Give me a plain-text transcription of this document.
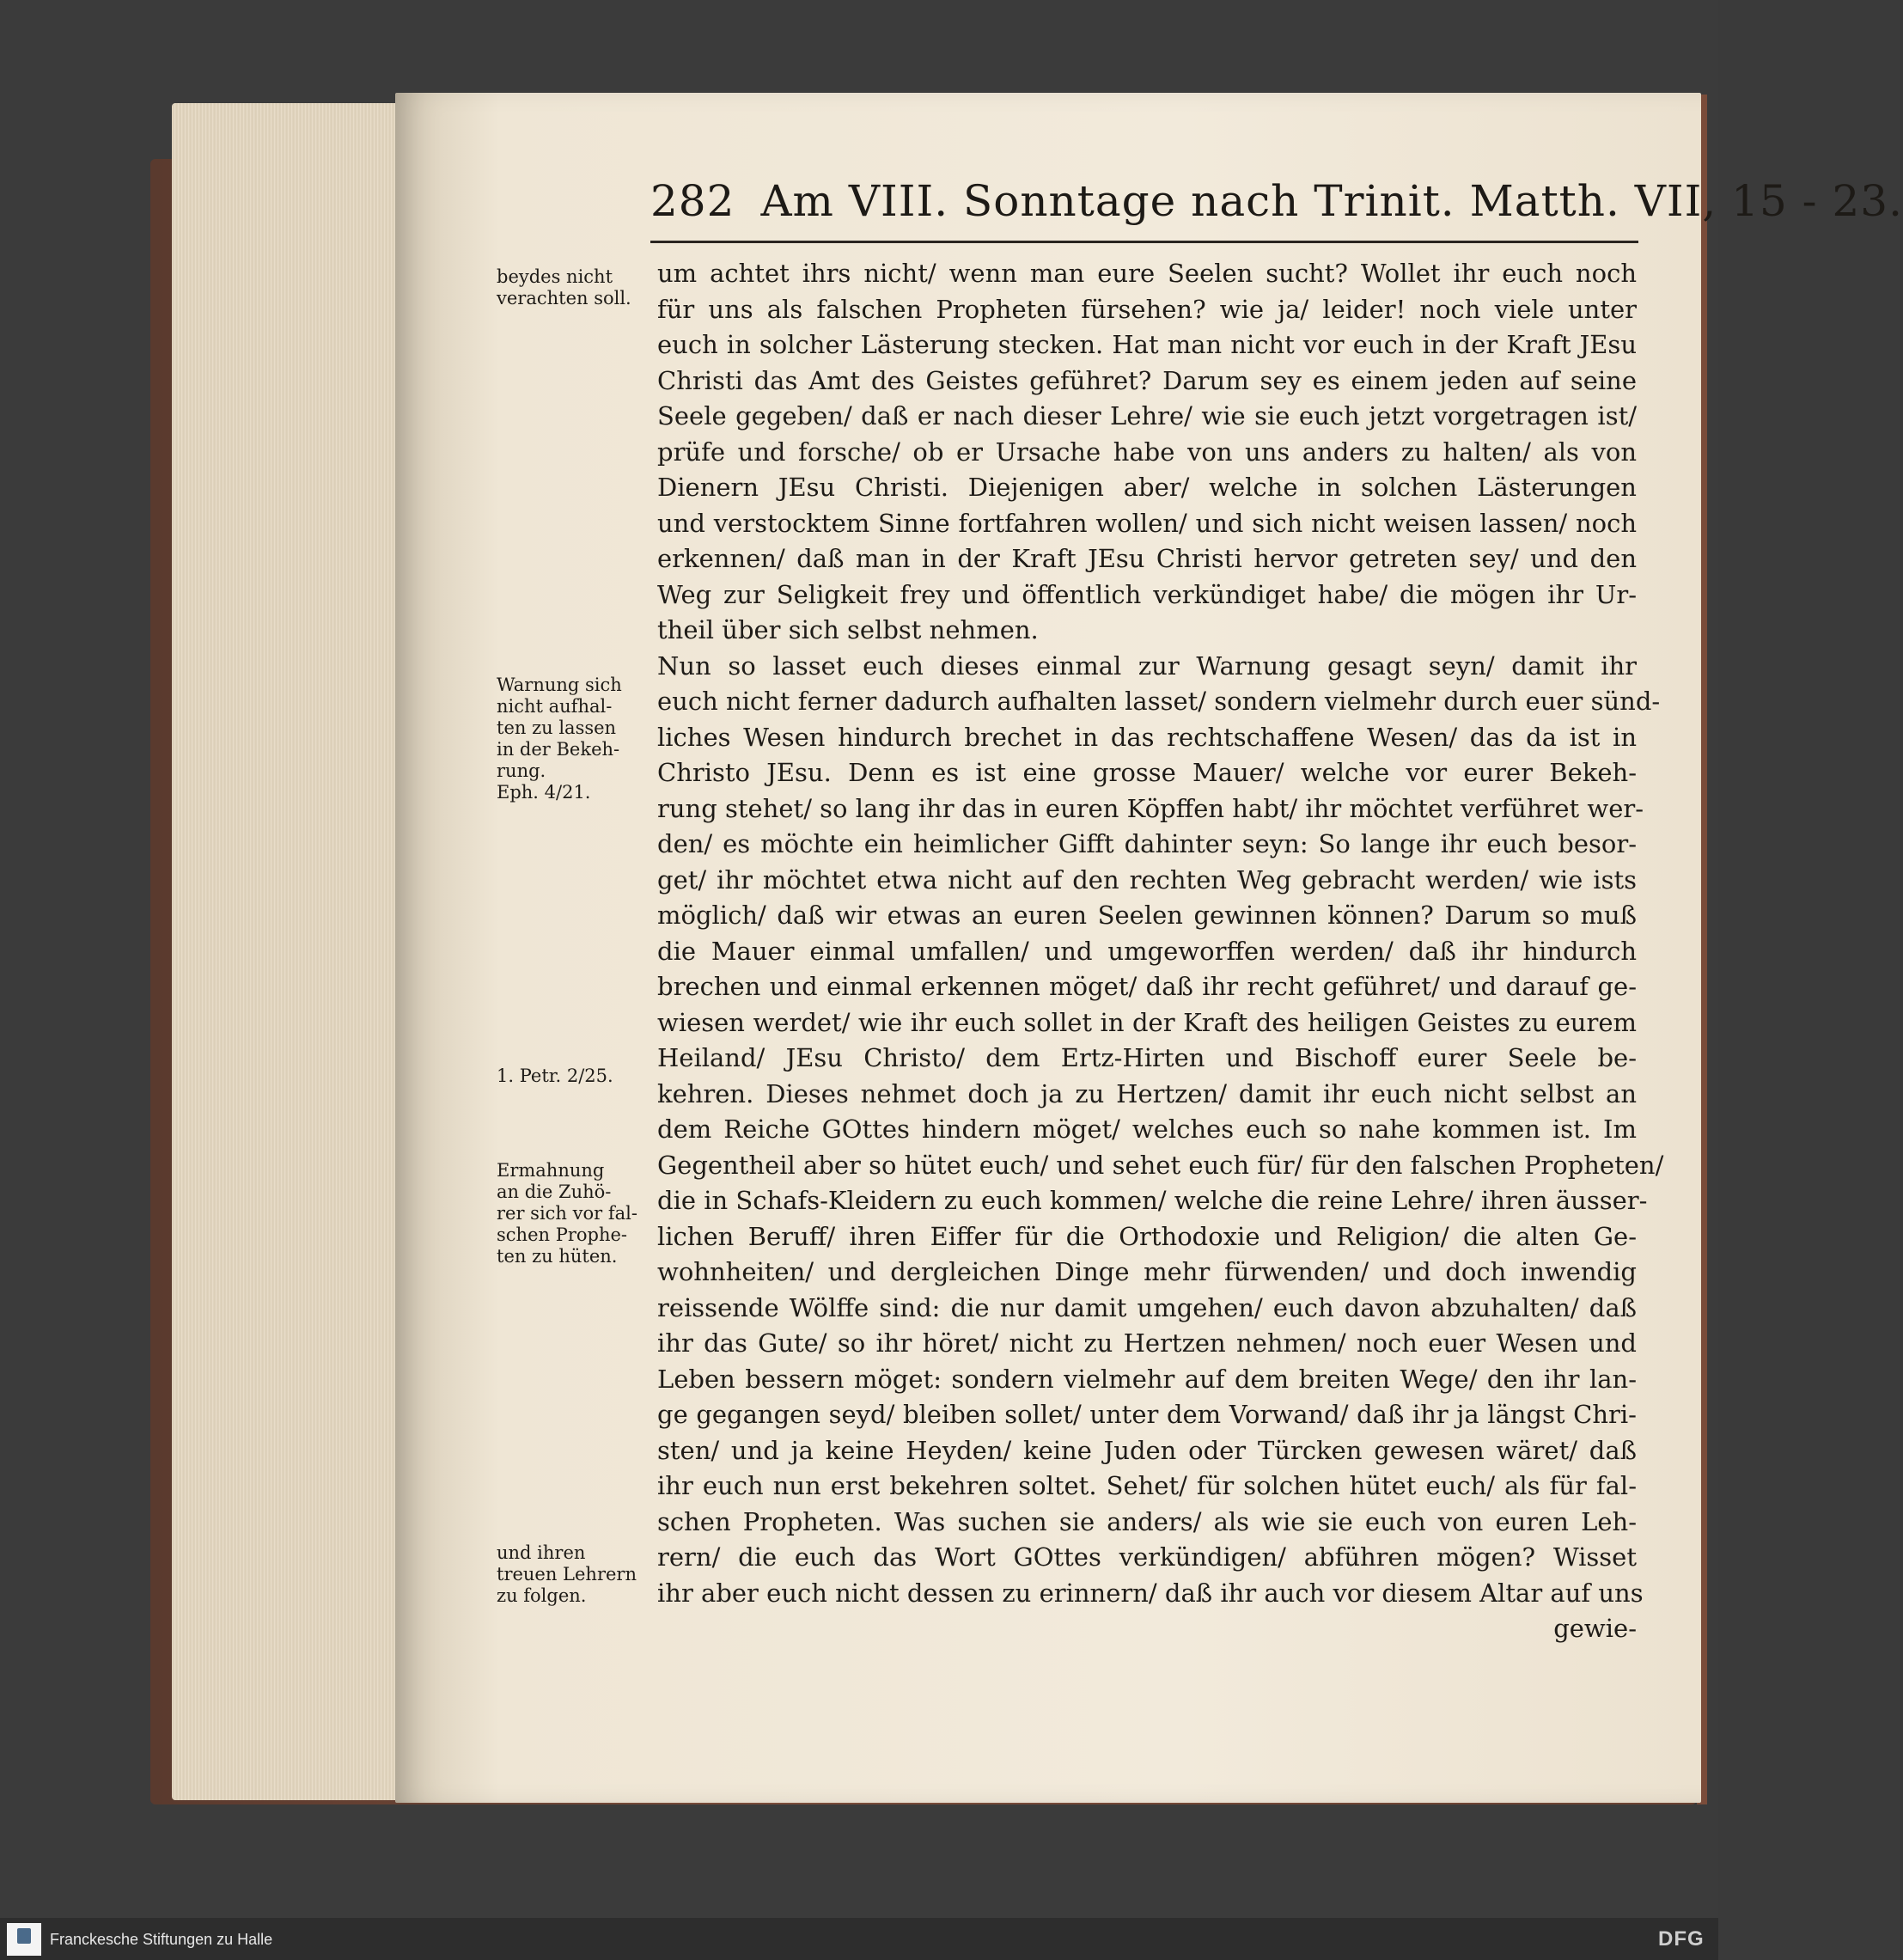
282 Am VIII. Sonntage nach Trinit. Matth. VII, 15 - 23.
um achtet ihrs nicht/ wenn man eure Seelen sucht? Wollet ihr euch noch
für uns als falschen Propheten fürsehen? wie ja/ leider! noch viele unter
euch in solcher Lästerung stecken. Hat man nicht vor euch in der Kraft JEsu
Christi das Amt des Geistes geführet? Darum sey es einem jeden auf seine
Seele gegeben/ daß er nach dieser Lehre/ wie sie euch jetzt vorgetragen ist/
prüfe und forsche/ ob er Ursache habe von uns anders zu halten/ als von
Dienern JEsu Christi. Diejenigen aber/ welche in solchen Lästerungen
und verstocktem Sinne fortfahren wollen/ und sich nicht weisen lassen/ noch
erkennen/ daß man in der Kraft JEsu Christi hervor getreten sey/ und den
Weg zur Seligkeit frey und öffentlich verkündiget habe/ die mögen ihr Ur-
theil über sich selbst nehmen.
Nun so lasset euch dieses einmal zur Warnung gesagt seyn/ damit ihr
euch nicht ferner dadurch aufhalten lasset/ sondern vielmehr durch euer sünd-
liches Wesen hindurch brechet in das rechtschaffene Wesen/ das da ist in
Christo JEsu. Denn es ist eine grosse Mauer/ welche vor eurer Bekeh-
rung stehet/ so lang ihr das in euren Köpffen habt/ ihr möchtet verführet wer-
den/ es möchte ein heimlicher Gifft dahinter seyn: So lange ihr euch besor-
get/ ihr möchtet etwa nicht auf den rechten Weg gebracht werden/ wie ists
möglich/ daß wir etwas an euren Seelen gewinnen können? Darum so muß
die Mauer einmal umfallen/ und umgeworffen werden/ daß ihr hindurch
brechen und einmal erkennen möget/ daß ihr recht geführet/ und darauf ge-
wiesen werdet/ wie ihr euch sollet in der Kraft des heiligen Geistes zu eurem
Heiland/ JEsu Christo/ dem Ertz-Hirten und Bischoff eurer Seele be-
kehren. Dieses nehmet doch ja zu Hertzen/ damit ihr euch nicht selbst an
dem Reiche GOttes hindern möget/ welches euch so nahe kommen ist. Im
Gegentheil aber so hütet euch/ und sehet euch für/ für den falschen Propheten/
die in Schafs-Kleidern zu euch kommen/ welche die reine Lehre/ ihren äusser-
lichen Beruff/ ihren Eiffer für die Orthodoxie und Religion/ die alten Ge-
wohnheiten/ und dergleichen Dinge mehr fürwenden/ und doch inwendig
reissende Wölffe sind: die nur damit umgehen/ euch davon abzuhalten/ daß
ihr das Gute/ so ihr höret/ nicht zu Hertzen nehmen/ noch euer Wesen und
Leben bessern möget: sondern vielmehr auf dem breiten Wege/ den ihr lan-
ge gegangen seyd/ bleiben sollet/ unter dem Vorwand/ daß ihr ja längst Chri-
sten/ und ja keine Heyden/ keine Juden oder Türcken gewesen wäret/ daß
ihr euch nun erst bekehren soltet. Sehet/ für solchen hütet euch/ als für fal-
schen Propheten. Was suchen sie anders/ als wie sie euch von euren Leh-
rern/ die euch das Wort GOttes verkündigen/ abführen mögen? Wisset
ihr aber euch nicht dessen zu erinnern/ daß ihr auch vor diesem Altar auf uns
gewie-
beydes nicht
verachten soll.
Warnung sich
nicht aufhal-
ten zu lassen
in der Bekeh-
rung.
Eph. 4/21.
1. Petr. 2/25.
Ermahnung
an die Zuhö-
rer sich vor fal-
schen Prophe-
ten zu hüten.
und ihren
treuen Lehrern
zu folgen.
Franckesche Stiftungen zu Halle	DFG
